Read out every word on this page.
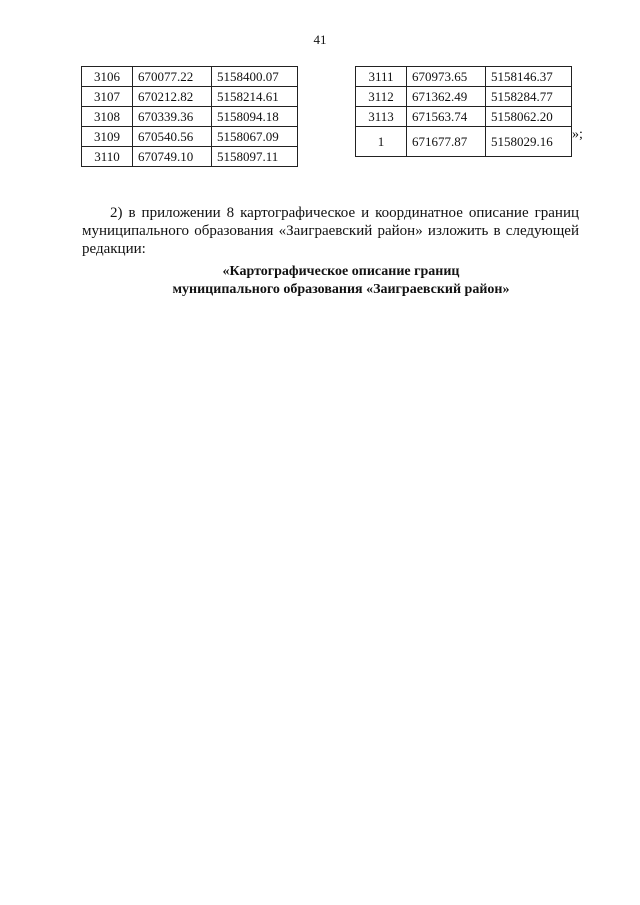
41
3106	670077.22	5158400.07
3107	670212.82	5158214.61
3108	670339.36	5158094.18
3109	670540.56	5158067.09
3110	670749.10	5158097.11
3111	670973.65	5158146.37
3112	671362.49	5158284.77
3113	671563.74	5158062.20
1	671677.87	5158029.16 »;
2) в приложении 8 картографическое и координатное описание границ муниципального образования «Заиграевский район» изложить в следующей редакции:
«Картографическое описание границ
муниципального образования «Заиграевский район»
